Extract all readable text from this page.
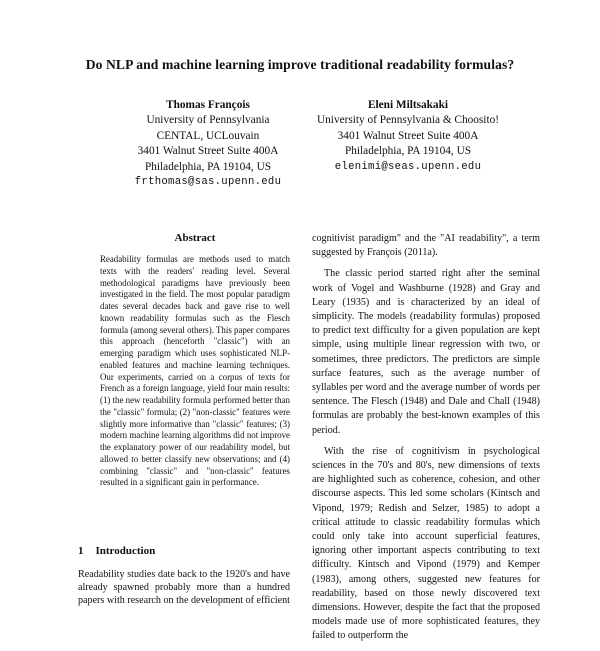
Do NLP and machine learning improve traditional readability formulas?
Thomas François
University of Pennsylvania
CENTAL, UCLouvain
3401 Walnut Street Suite 400A
Philadelphia, PA 19104, US
frthomas@sas.upenn.edu
Eleni Miltsakaki
University of Pennsylvania & Choosito!
3401 Walnut Street Suite 400A
Philadelphia, PA 19104, US
elenimi@seas.upenn.edu
Abstract
Readability formulas are methods used to match texts with the readers' reading level. Several methodological paradigms have previously been investigated in the field. The most popular paradigm dates several decades back and gave rise to well known readability formulas such as the Flesch formula (among several others). This paper compares this approach (henceforth "classic") with an emerging paradigm which uses sophisticated NLP-enabled features and machine learning techniques. Our experiments, carried on a corpus of texts for French as a foreign language, yield four main results: (1) the new readability formula performed better than the "classic" formula; (2) "non-classic" features were slightly more informative than "classic" features; (3) modern machine learning algorithms did not improve the explanatory power of our readability model, but allowed to better classify new observations; and (4) combining "classic" and "non-classic" features resulted in a significant gain in performance.
1 Introduction
Readability studies date back to the 1920's and have already spawned probably more than a hundred papers with research on the development of efficient

cognitivist paradigm" and the "AI readability", a term suggested by François (2011a).

The classic period started right after the seminal work of Vogel and Washburne (1928) and Gray and Leary (1935) and is characterized by an ideal of simplicity. The models (readability formulas) proposed to predict text difficulty for a given population are kept simple, using multiple linear regression with two, or sometimes, three predictors. The predictors are simple surface features, such as the average number of syllables per word and the average number of words per sentence. The Flesch (1948) and Dale and Chall (1948) formulas are probably the best-known examples of this period.

With the rise of cognitivism in psychological sciences in the 70's and 80's, new dimensions of texts are highlighted such as coherence, cohesion, and other discourse aspects. This led some scholars (Kintsch and Vipond, 1979; Redish and Selzer, 1985) to adopt a critical attitude to classic readability formulas which could only take into account superficial features, ignoring other important aspects contributing to text difficulty. Kintsch and Vipond (1979) and Kemper (1983), among others, suggested new features for readability, based on those newly discovered text dimensions. However, despite the fact that the proposed models made use of more sophisticated features, they failed to outperform the
